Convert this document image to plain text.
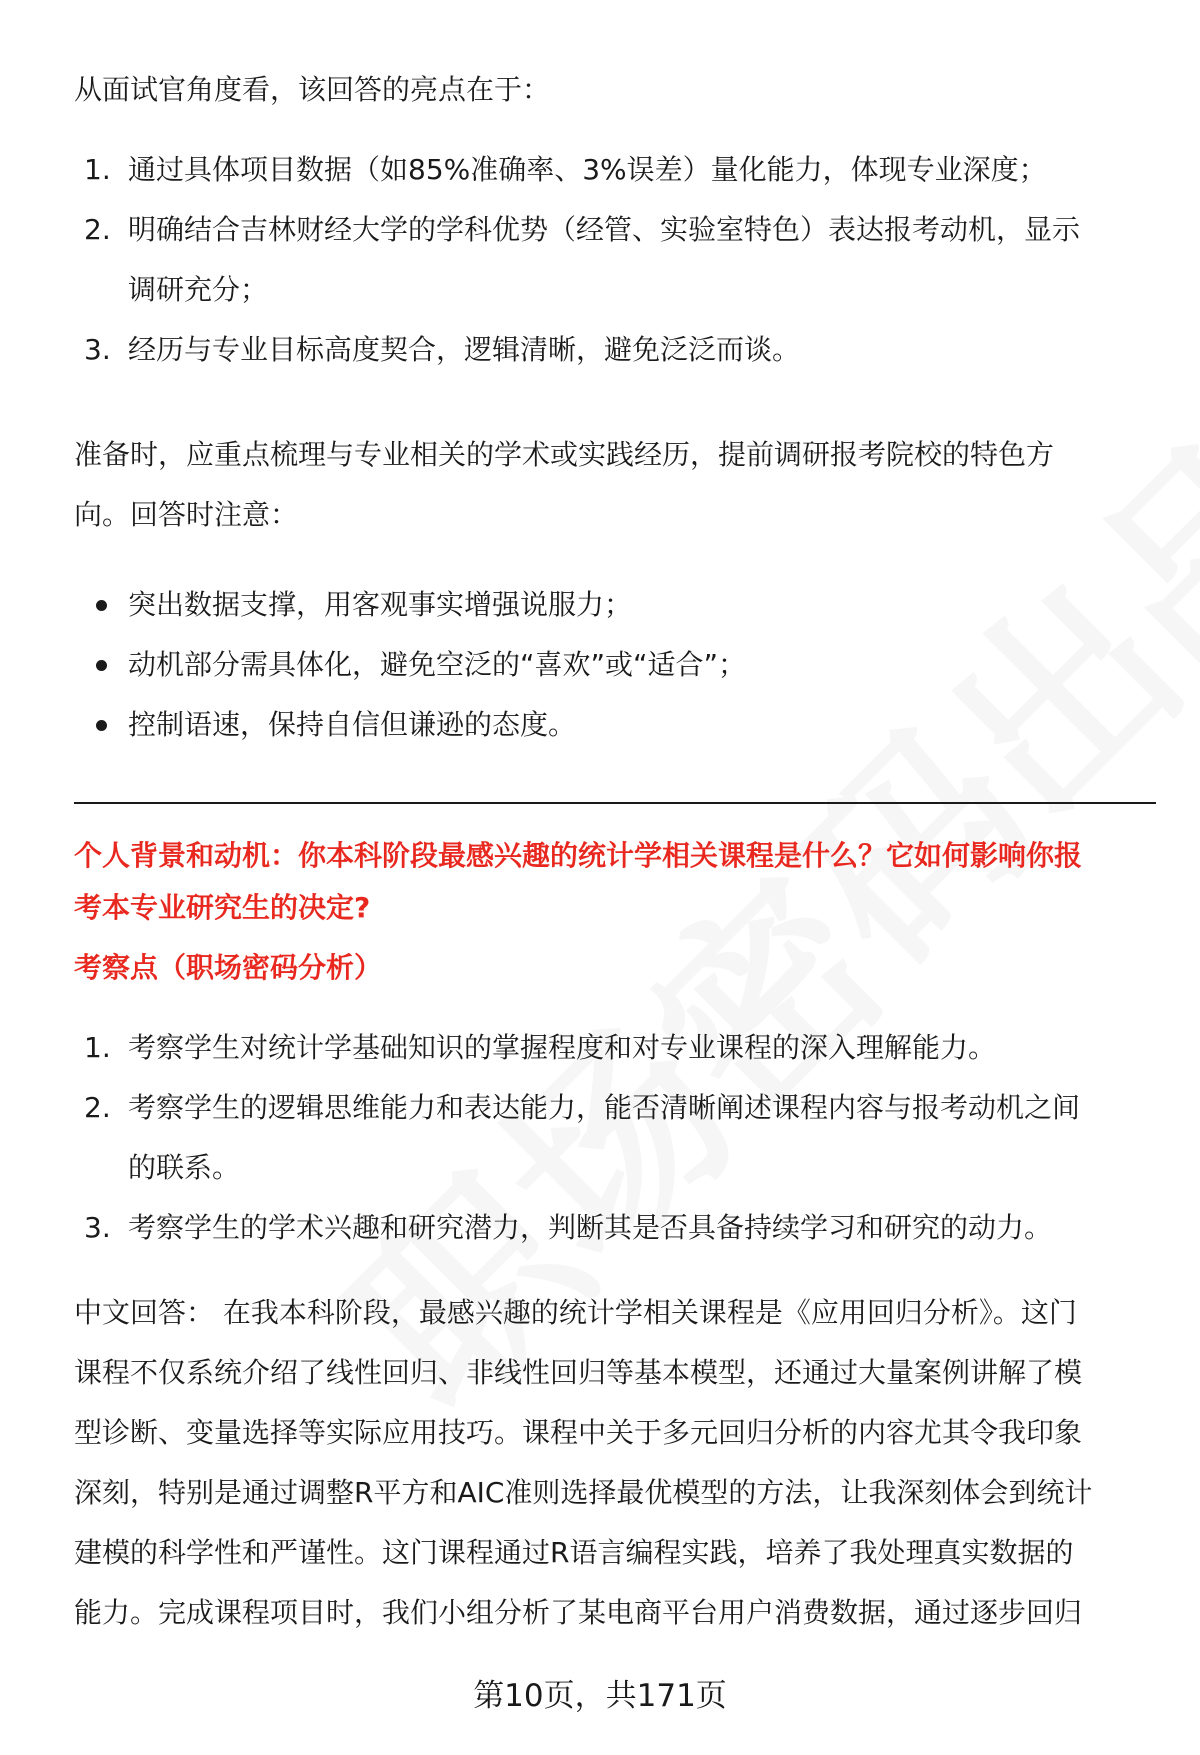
从面试官角度看，该回答的亮点在于：
1. 通过具体项目数据（如85%准确率、3%误差）量化能力，体现专业深度；
2. 明确结合吉林财经大学的学科优势（经管、实验室特色）表达报考动机，显示
调研充分；
3. 经历与专业目标高度契合，逻辑清晰，避免泛泛而谈。
准备时，应重点梳理与专业相关的学术或实践经历，提前调研报考院校的特色方
向。回答时注意：
突出数据支撑，用客观事实增强说服力；
动机部分需具体化，避免空泛的“喜欢”或“适合”；
控制语速，保持自信但谦逊的态度。
个人背景和动机：你本科阶段最感兴趣的统计学相关课程是什么？它如何影响你报
考本专业研究生的决定?
考察点（职场密码分析）
1. 考察学生对统计学基础知识的掌握程度和对专业课程的深入理解能力。
2. 考察学生的逻辑思维能力和表达能力，能否清晰阐述课程内容与报考动机之间
的联系。
3. 考察学生的学术兴趣和研究潜力，判断其是否具备持续学习和研究的动力。
中文回答： 在我本科阶段，最感兴趣的统计学相关课程是《应用回归分析》。这门
课程不仅系统介绍了线性回归、非线性回归等基本模型，还通过大量案例讲解了模
型诊断、变量选择等实际应用技巧。课程中关于多元回归分析的内容尤其令我印象
深刻，特别是通过调整R平方和AIC准则选择最优模型的方法，让我深刻体会到统计
建模的科学性和严谨性。这门课程通过R语言编程实践，培养了我处理真实数据的
能力。完成课程项目时，我们小组分析了某电商平台用户消费数据，通过逐步回归
第10页，共171页
